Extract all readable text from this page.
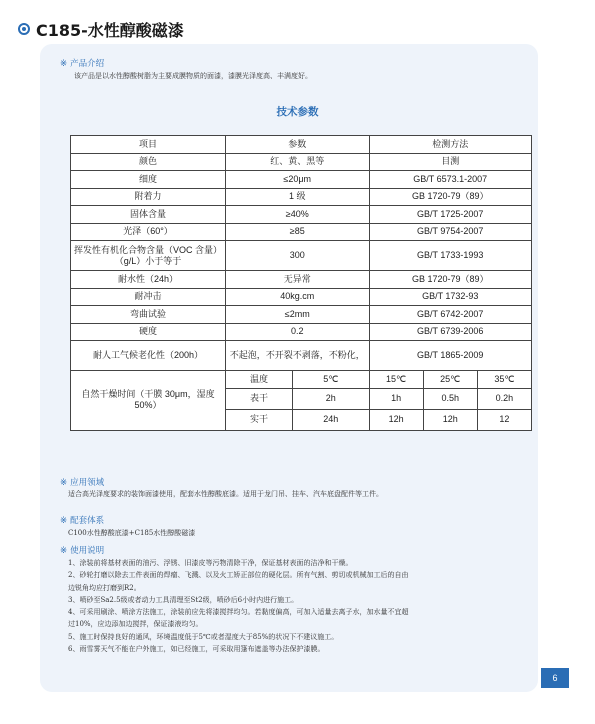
C185-水性醇酸磁漆
※ 产品介绍
该产品是以水性醇酸树脂为主要成膜物质的面漆，漆膜光泽度高、丰满度好。
技术参数
项目	参数		检测方法		
颜色	红、黄、黑等		目测		
细度	≤20μm		GB/T 6573.1-2007		
附着力	1 级		GB 1720-79（89）		
固体含量	≥40%		GB/T 1725-2007		
光泽（60°）	≥85		GB/T 9754-2007		
挥发性有机化合物含量（VOC 含量）（g/L）小于等于	300		GB/T 1733-1993		
耐水性（24h）	无异常		GB 1720-79（89）		
耐冲击	40kg.cm		GB/T 1732-93		
弯曲试验	≤2mm		GB/T 6742-2007		
硬度	0.2		GB/T 6739-2006		
耐人工气候老化性（200h）	不起泡，不开裂不剥落，不粉化，		GB/T 1865-2009		
自然干燥时间（干膜 30μm，湿度 50%）	温度	5℃	15℃	25℃	35℃
	表干	2h	1h	0.5h	0.2h
	实干	24h	12h	12h	12
※ 应用领域
适合高光泽度要求的装饰面漆使用，配套水性醇酸底漆。适用于龙门吊、挂车、汽车底盘配件等工件。
※ 配套体系
C100水性醇酸底漆+C185水性醇酸磁漆
※ 使用说明
1、涂装前将基材表面的油污、浮锈、旧漆皮等污物清除干净，保证基材表面的洁净和干燥。
2、砂轮打磨以除去工件表面的焊瘤、飞溅、以及火工矫正部位的硬化层。所有气割、剪切或机械加工后的自由
边锐角均应打磨到R2。
3、喷砂至Sa2.5级或者动力工具清理至St2级，喷砂后6小时内进行施工。
4、可采用刷涂、喷涂方法施工，涂装前应先将漆搅拌均匀。若黏度偏高，可加入适量去离子水，加水量不宜超
过10%，应边添加边搅拌，保证漆液均匀。
5、施工时保持良好的通风，环境温度低于5℃或者湿度大于85%的状况下不建议施工。
6、雨雪雾天气不能在户外施工，如已经施工，可采取用篷布遮盖等办法保护漆膜。
6
